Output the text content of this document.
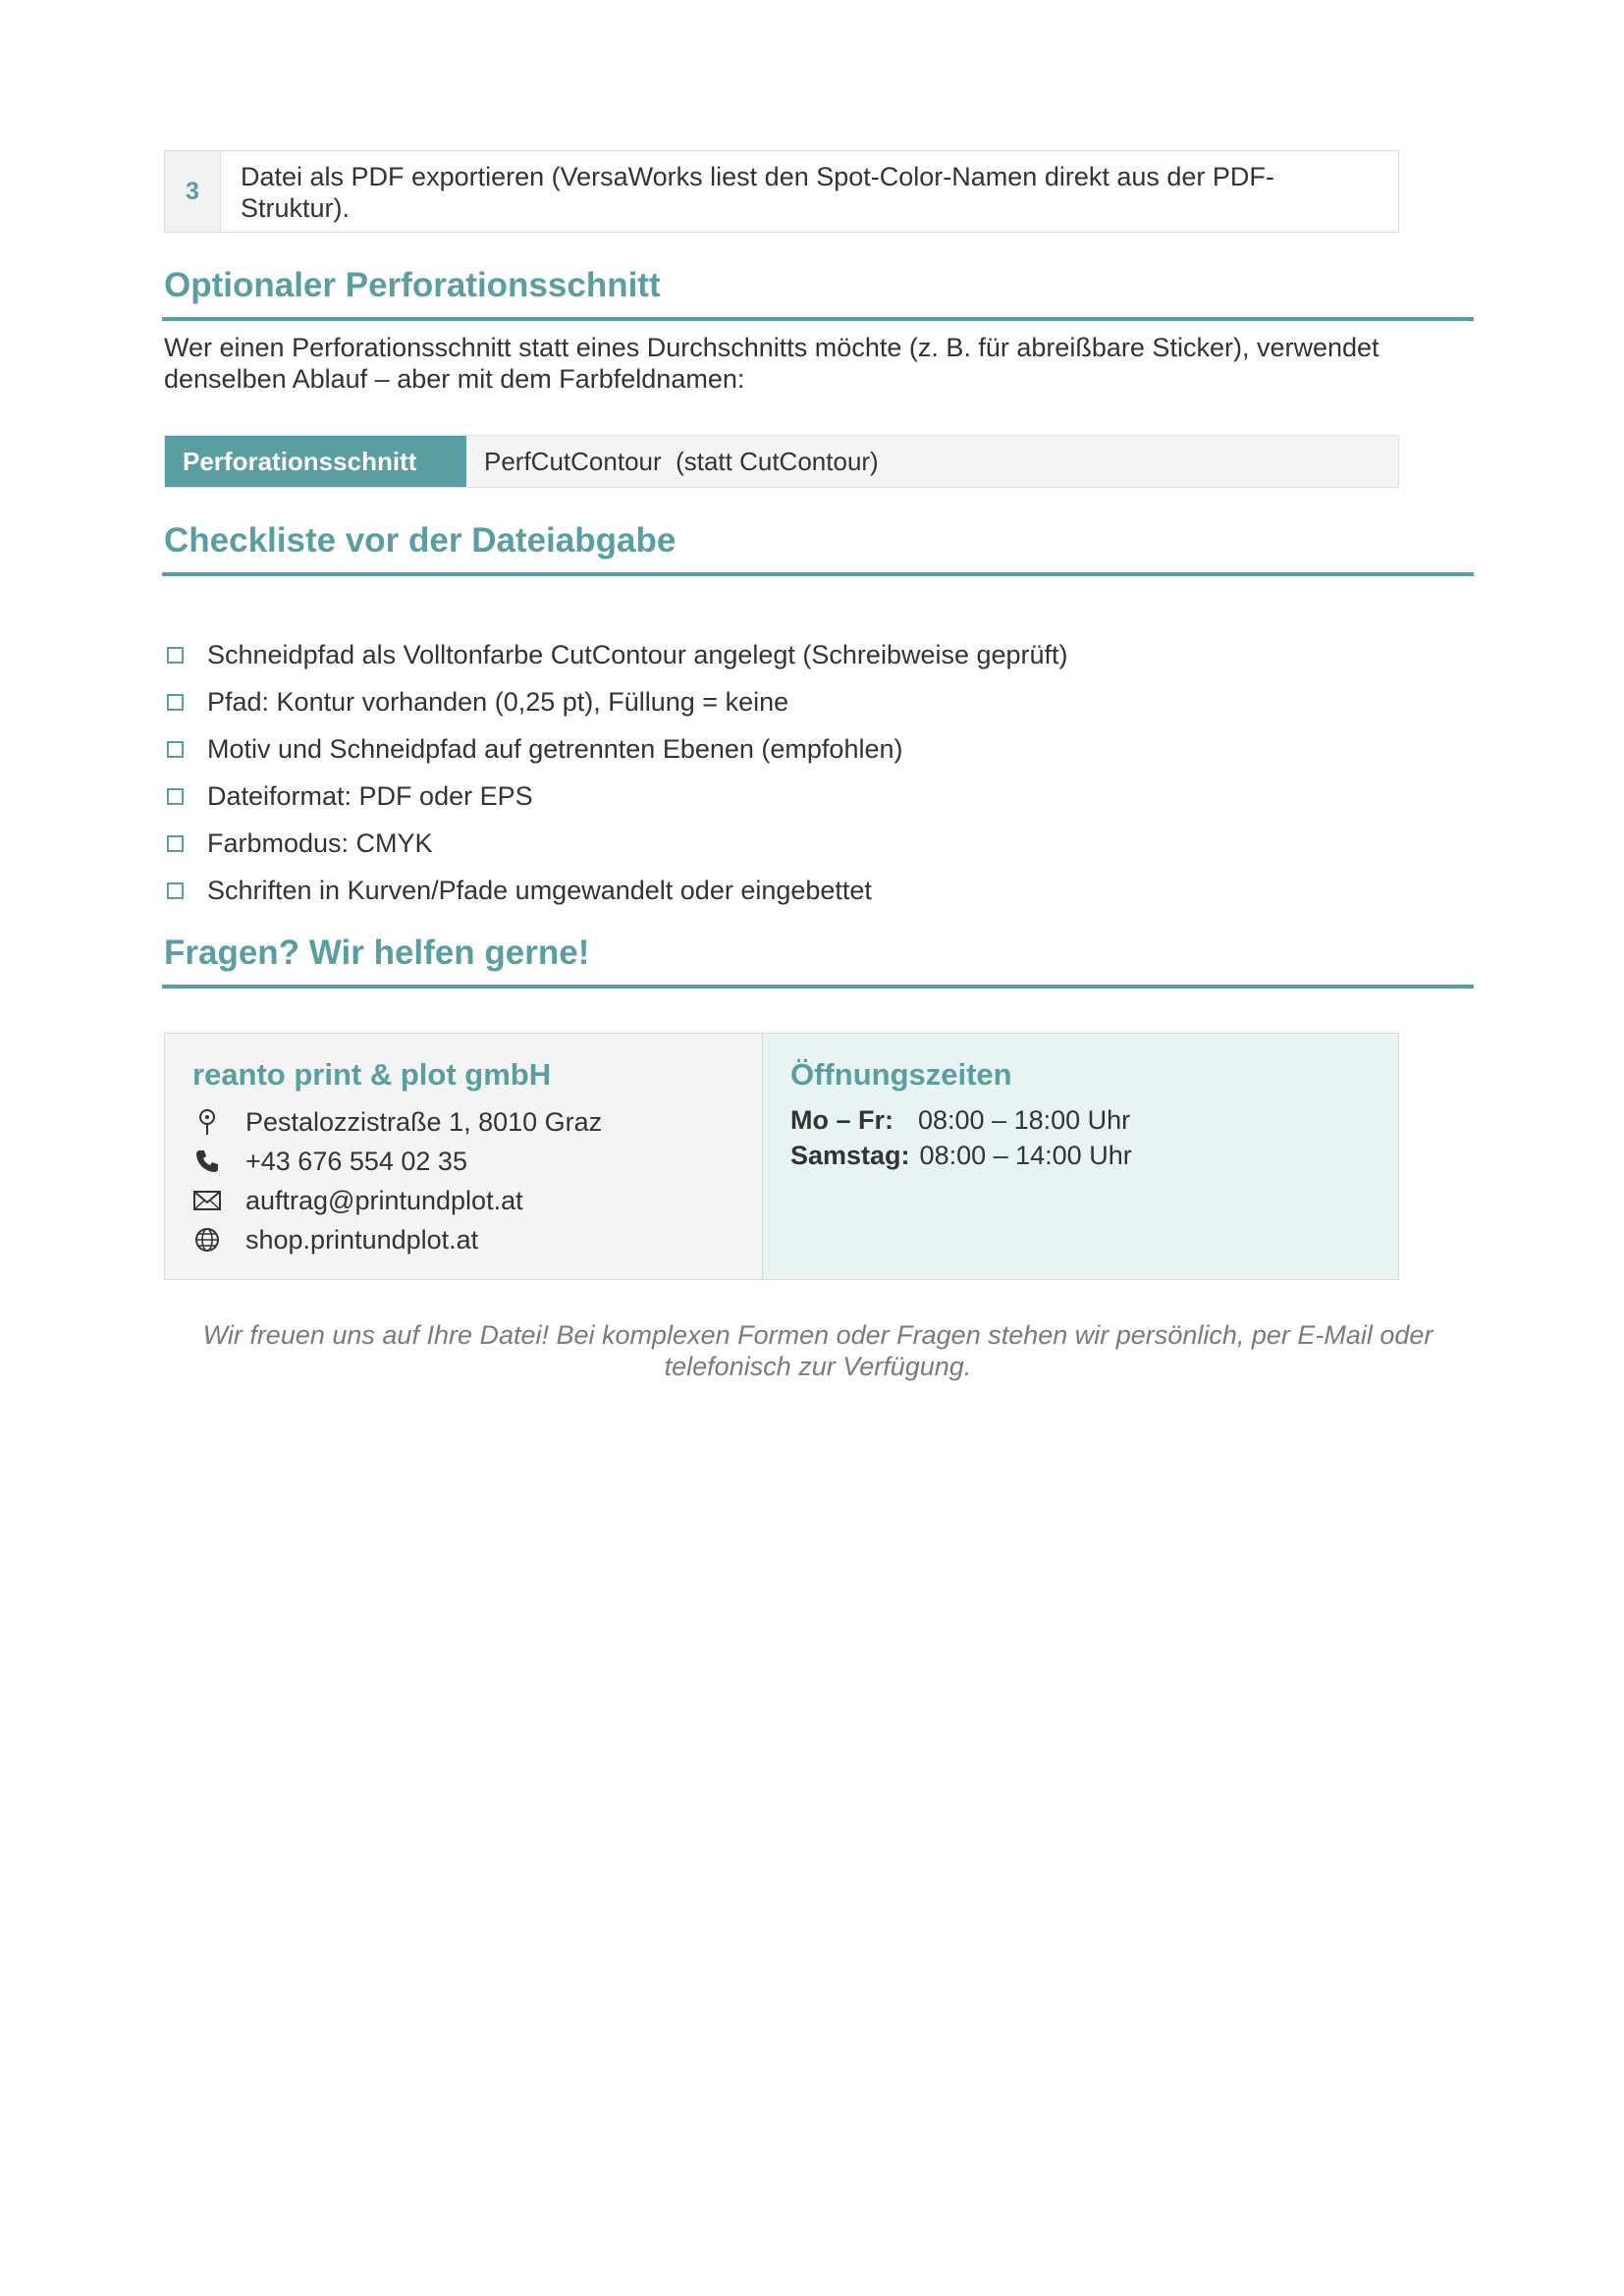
3	Datei als PDF exportieren (VersaWorks liest den Spot-Color-Namen direkt aus der PDF-Struktur).
Optionaler Perforationsschnitt
Wer einen Perforationsschnitt statt eines Durchschnitts möchte (z. B. für abreißbare Sticker), verwendet denselben Ablauf – aber mit dem Farbfeldnamen:
Perforationsschnitt	PerfCutContour  (statt CutContour)
Checkliste vor der Dateiabgabe
Schneidpfad als Volltonfarbe CutContour angelegt (Schreibweise geprüft)
Pfad: Kontur vorhanden (0,25 pt), Füllung = keine
Motiv und Schneidpfad auf getrennten Ebenen (empfohlen)
Dateiformat: PDF oder EPS
Farbmodus: CMYK
Schriften in Kurven/Pfade umgewandelt oder eingebettet
Fragen? Wir helfen gerne!
reanto print & plot gmbH
Pestalozzistraße 1, 8010 Graz
+43 676 554 02 35
auftrag@printundplot.at
shop.printundplot.at
Öffnungszeiten
Mo – Fr: 08:00 – 18:00 Uhr
Samstag: 08:00 – 14:00 Uhr
Wir freuen uns auf Ihre Datei! Bei komplexen Formen oder Fragen stehen wir persönlich, per E-Mail oder telefonisch zur Verfügung.
